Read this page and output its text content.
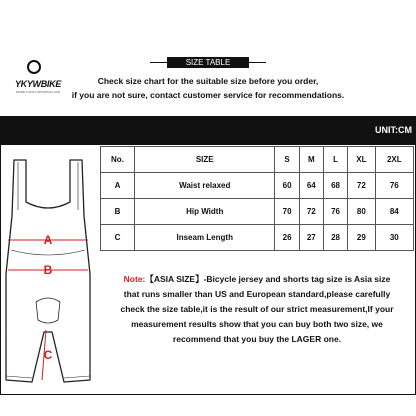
YKYWBIKE
MORE THAN A SPORTING LIFE
SIZE TABLE
Check size chart for the suitable size before you order,
if you are not sure, contact customer service for recommendations.
UNIT:CM
A
B
C
No.	SIZE	S	M	L	XL	2XL
A	Waist relaxed	60	64	68	72	76
B	Hip Width	70	72	76	80	84
C	Inseam Length	26	27	28	29	30
Note:【ASIA SIZE】-Bicycle jersey and shorts tag size is Asia size
that runs smaller than US and European standard,please carefully
check the size table,it is the result of our strict measurement,If your
measurement results show that you can buy both two size, we
recommend that you buy the LAGER one.
